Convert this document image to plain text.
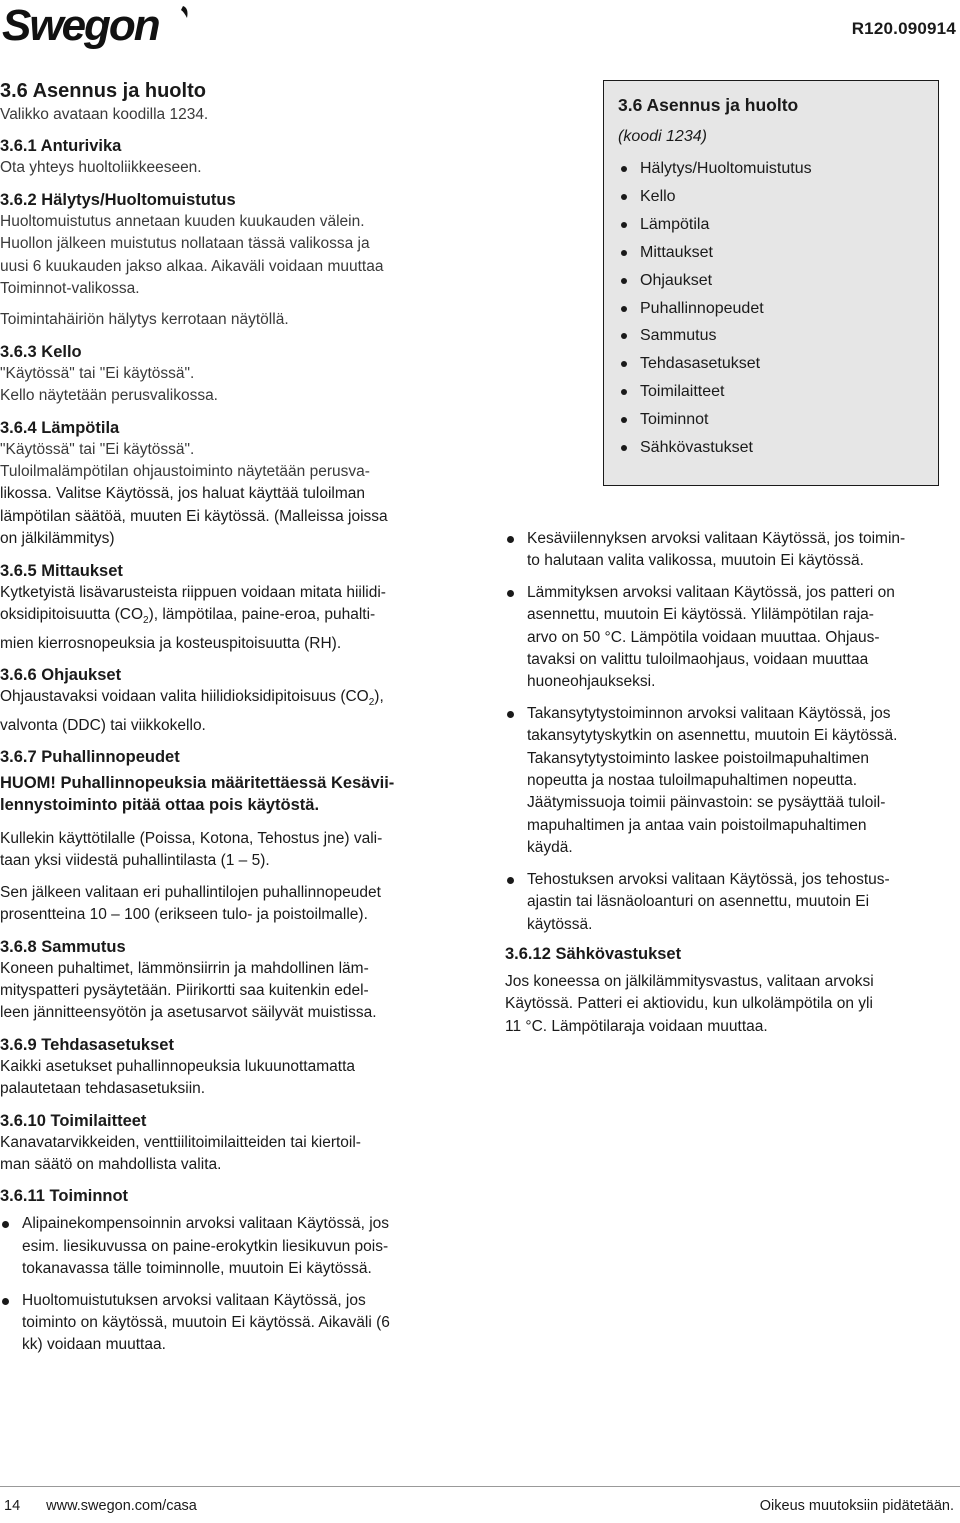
Swegon	R120.090914
3.6 Asennus ja huolto
Valikko avataan koodilla 1234.
3.6.1 Anturivika
Ota yhteys huoltoliikkeeseen.
3.6.2 Hälytys/Huoltomuistutus
Huoltomuistutus annetaan kuuden kuukauden välein.
Huollon jälkeen muistutus nollataan tässä valikossa ja
uusi 6 kuukauden jakso alkaa. Aikaväli voidaan muuttaa
Toiminnot-valikossa.
Toimintahäiriön hälytys kerrotaan näytöllä.
3.6.3 Kello
"Käytössä" tai "Ei käytössä".
Kello näytetään perusvalikossa.
3.6.4 Lämpötila
"Käytössä" tai "Ei käytössä".
Tuloilmalämpötilan ohjaustoiminto näytetään perusva-
likossa. Valitse Käytössä, jos haluat käyttää tuloilman
lämpötilan säätöä, muuten Ei käytössä. (Malleissa joissa
on jälkilämmitys)
3.6.5 Mittaukset
Kytketyistä lisävarusteista riippuen voidaan mitata hiilidi-
oksidipitoisuutta $(CO_2)$, lämpötilaa, paine-eroa, puhalti-
mien kierrosnopeuksia ja kosteuspitoisuutta (RH).
3.6.6 Ohjaukset
Ohjaustavaksi voidaan valita hiilidioksidipitoisuus $(CO_2)$,
valvonta (DDC) tai viikkokello.
3.6.7 Puhallinnopeudet
HUOM! Puhallinnopeuksia määritettäessä Kesävii-
lennystoiminto pitää ottaa pois käytöstä.
Kullekin käyttötilalle (Poissa, Kotona, Tehostus jne) vali-
taan yksi viidestä puhallintilasta (1 – 5).
Sen jälkeen valitaan eri puhallintilojen puhallinnopeudet
prosentteina 10 – 100 (erikseen tulo- ja poistoilmalle).
3.6.8 Sammutus
Koneen puhaltimet, lämmönsiirrin ja mahdollinen läm-
mityspatteri pysäytetään. Piirikortti saa kuitenkin edel-
leen jännitteensyötön ja asetusarvot säilyvät muistissa.
3.6.9 Tehdasasetukset
Kaikki asetukset puhallinnopeuksia lukuunottamatta
palautetaan tehdasasetuksiin.
3.6.10 Toimilaitteet
Kanavatarvikkeiden, venttiilitoimilaitteiden tai kiertoil-
man säätö on mahdollista valita.
3.6.11 Toiminnot
Alipainekompensoinnin arvoksi valitaan Käytössä, jos
esim. liesikuvussa on paine-erokytkin liesikuvun pois-
tokanavassa tälle toiminnolle, muutoin Ei käytössä.
Huoltomuistutuksen arvoksi valitaan Käytössä, jos
toiminto on käytössä, muutoin Ei käytössä. Aikaväli (6
kk) voidaan muuttaa.
3.6 Asennus ja huolto
(koodi 1234)
Hälytys/Huoltomuistutus
Kello
Lämpötila
Mittaukset
Ohjaukset
Puhallinnopeudet
Sammutus
Tehdasasetukset
Toimilaitteet
Toiminnot
Sähkövastukset
Kesäviilennyksen arvoksi valitaan Käytössä, jos toimin-
to halutaan valita valikossa, muutoin Ei käytössä.
Lämmityksen arvoksi valitaan Käytössä, jos patteri on
asennettu, muutoin Ei käytössä. Ylilämpötilan raja-
arvo on 50 °C. Lämpötila voidaan muuttaa. Ohjaus-
tavaksi on valittu tuloilmaohjaus, voidaan muuttaa
huoneohjaukseksi.
Takansytytystoiminnon arvoksi valitaan Käytössä, jos
takansytytyskytkin on asennettu, muutoin Ei käytössä.
Takansytytystoiminto laskee poistoilmapuhaltimen
nopeutta ja nostaa tuloilmapuhaltimen nopeutta.
Jäätymissuoja toimii päinvastoin: se pysäyttää tuloil-
mapuhaltimen ja antaa vain poistoilmapuhaltimen
käydä.
Tehostuksen arvoksi valitaan Käytössä, jos tehostus-
ajastin tai läsnäoloanturi on asennettu, muutoin Ei
käytössä.
3.6.12 Sähkövastukset
Jos koneessa on jälkilämmitysvastus, valitaan arvoksi
Käytössä. Patteri ei aktiovidu, kun ulkolämpötila on yli
11 °C. Lämpötilaraja voidaan muuttaa.
14 www.swegon.com/casa	Oikeus muutoksiin pidätetään.
